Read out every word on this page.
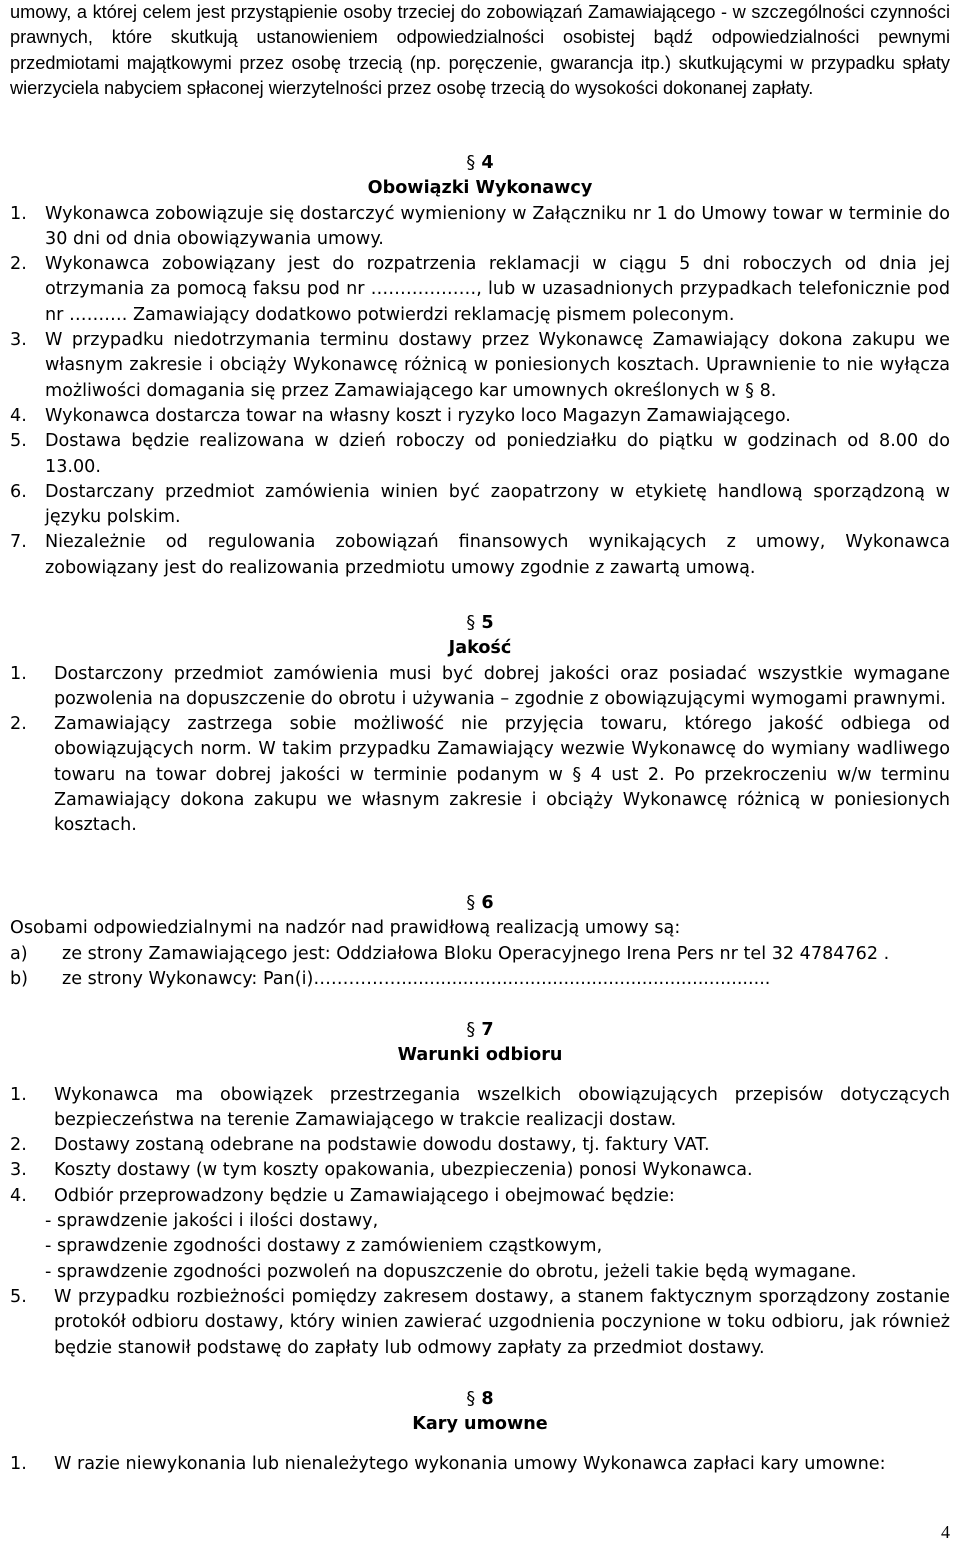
umowy, a której celem jest przystąpienie osoby trzeciej do zobowiązań Zamawiającego - w szczególności czynności prawnych, które skutkują ustanowieniem odpowiedzialności osobistej bądź odpowiedzialności pewnymi przedmiotami majątkowymi przez osobę trzecią (np. poręczenie, gwarancja itp.) skutkującymi w przypadku spłaty wierzyciela nabyciem spłaconej wierzytelności przez osobę trzecią do wysokości dokonanej zapłaty.

§ 4

Obowiązki Wykonawcy

1.	Wykonawca zobowiązuje się dostarczyć wymieniony w Załączniku nr 1 do Umowy towar w terminie do 30 dni od dnia obowiązywania umowy.
2.	Wykonawca zobowiązany jest do rozpatrzenia reklamacji w ciągu 5 dni roboczych od dnia jej otrzymania za pomocą faksu pod nr ………………, lub w uzasadnionych przypadkach telefonicznie pod nr ………. Zamawiający dodatkowo potwierdzi reklamację pismem poleconym.
3.	W przypadku niedotrzymania terminu dostawy przez Wykonawcę Zamawiający dokona zakupu we własnym zakresie i obciąży Wykonawcę różnicą w poniesionych kosztach. Uprawnienie to nie wyłącza możliwości domagania się przez Zamawiającego kar umownych określonych w § 8.
4.	Wykonawca dostarcza towar na własny koszt i ryzyko loco Magazyn Zamawiającego.
5.	Dostawa będzie realizowana w dzień roboczy od poniedziałku do piątku w godzinach od 8.00 do 13.00.
6.	Dostarczany przedmiot zamówienia winien być zaopatrzony w etykietę handlową sporządzoną w języku polskim.
7.	Niezależnie od regulowania zobowiązań finansowych wynikających z umowy, Wykonawca zobowiązany jest do realizowania przedmiotu umowy zgodnie z zawartą umową.

§ 5

Jakość

1.	Dostarczony przedmiot zamówienia musi być dobrej jakości oraz posiadać wszystkie wymagane pozwolenia na dopuszczenie do obrotu i używania – zgodnie z obowiązującymi wymogami prawnymi.
2.	Zamawiający zastrzega sobie możliwość nie przyjęcia towaru, którego jakość odbiega od obowiązujących norm. W takim przypadku Zamawiający wezwie Wykonawcę do wymiany wadliwego towaru na towar dobrej jakości w terminie podanym w § 4 ust 2. Po przekroczeniu w/w terminu Zamawiający dokona zakupu we własnym zakresie i obciąży Wykonawcę różnicą w poniesionych kosztach.

§ 6

Osobami odpowiedzialnymi na nadzór nad prawidłową realizacją umowy są:

a)	ze strony Zamawiającego jest: Oddziałowa Bloku Operacyjnego Irena Pers nr tel 32 4784762 .
b)	ze strony Wykonawcy: Pan(i)……………..................................................................

§ 7

Warunki odbioru

1.	Wykonawca ma obowiązek przestrzegania wszelkich obowiązujących przepisów dotyczących bezpieczeństwa na terenie Zamawiającego w trakcie realizacji dostaw.
2.	Dostawy zostaną odebrane na podstawie dowodu dostawy, tj. faktury VAT.
3.	Koszty dostawy (w tym koszty opakowania, ubezpieczenia) ponosi Wykonawca.
4.	Odbiór przeprowadzony będzie u Zamawiającego i obejmować będzie:

- sprawdzenie jakości i ilości dostawy,

- sprawdzenie zgodności dostawy z zamówieniem cząstkowym,

- sprawdzenie zgodności pozwoleń na dopuszczenie do obrotu, jeżeli takie będą wymagane.

5.	W przypadku rozbieżności pomiędzy zakresem dostawy, a stanem faktycznym sporządzony zostanie protokół odbioru dostawy, który winien zawierać uzgodnienia poczynione w toku odbioru, jak również będzie stanowił podstawę do zapłaty lub odmowy zapłaty za przedmiot dostawy.

§ 8

Kary umowne

1.	W razie niewykonania lub nienależytego wykonania umowy Wykonawca zapłaci kary umowne:
4
